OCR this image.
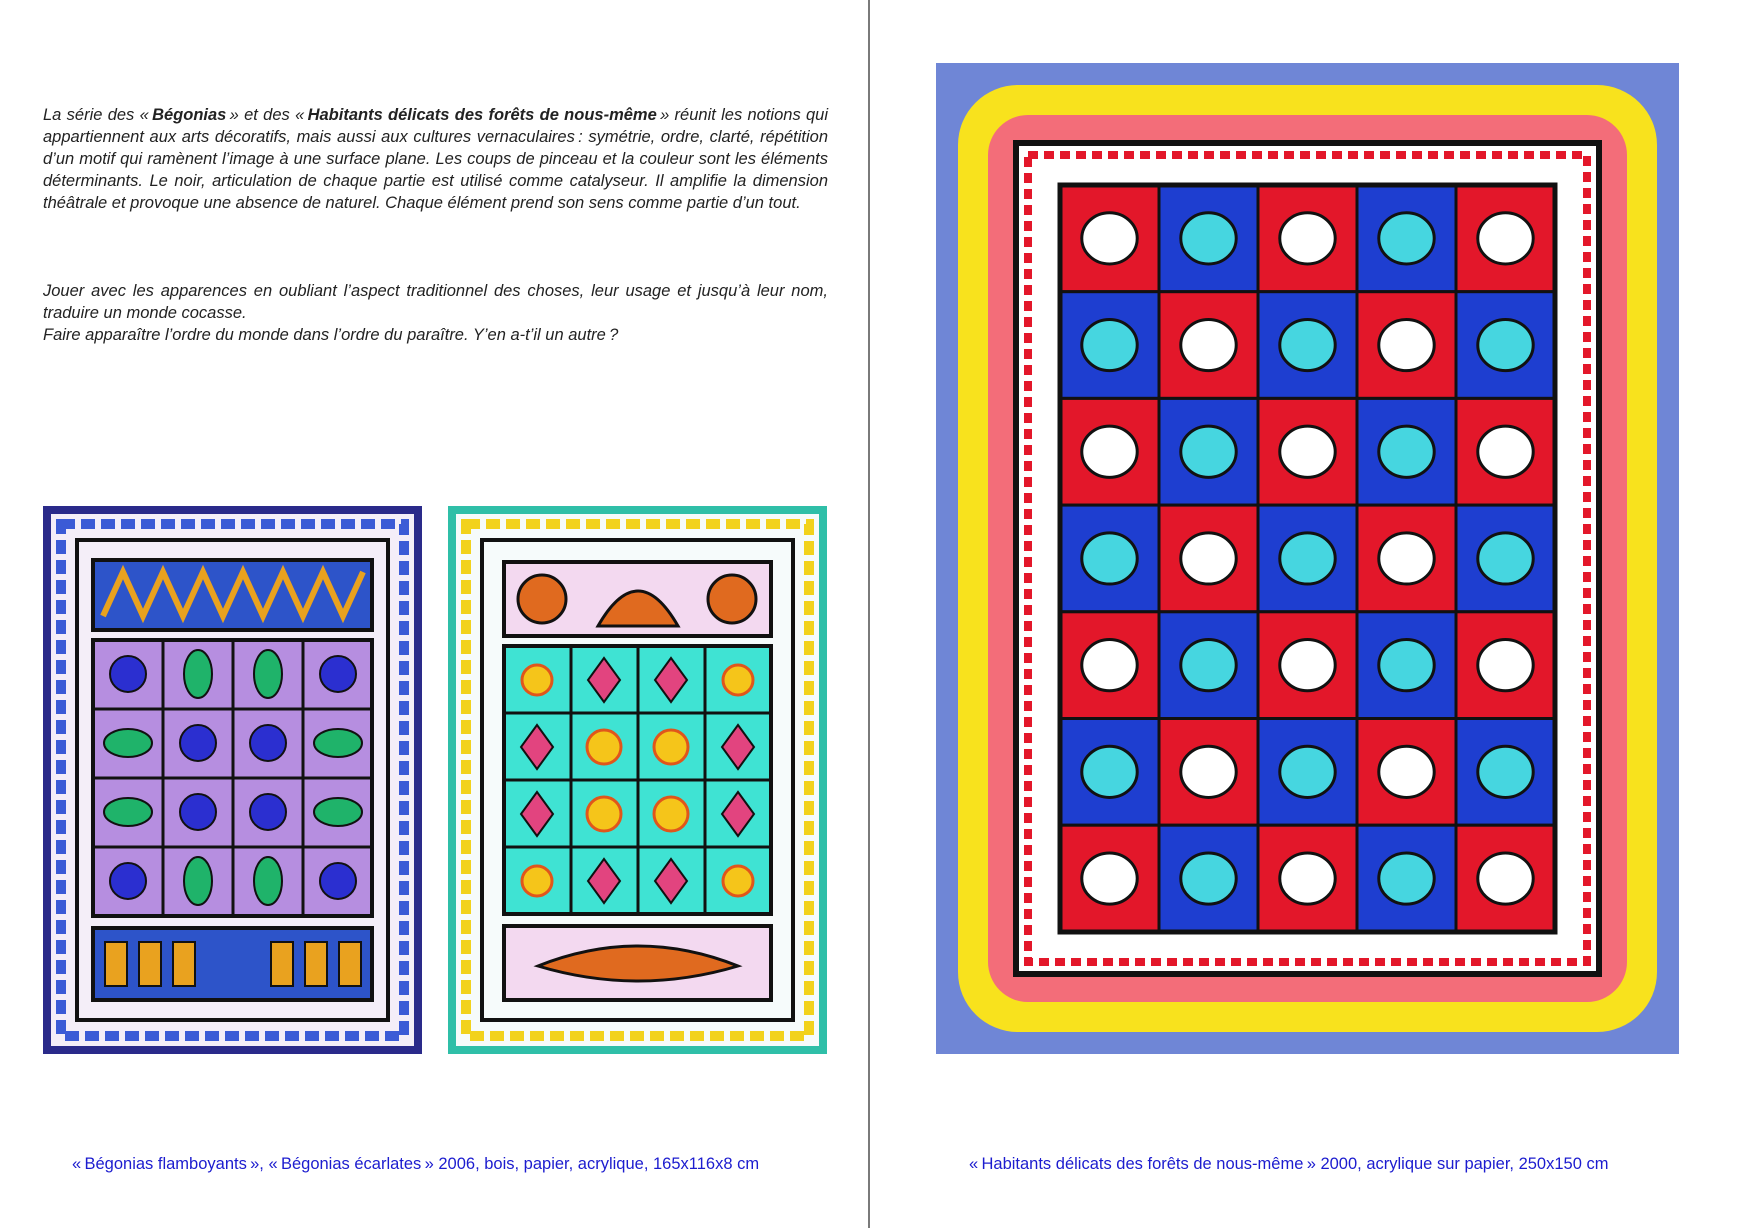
La série des « Bégonias » et des « Habitants délicats des forêts de nous-même » réunit les notions qui appartiennent aux arts décoratifs, mais aussi aux cultures vernaculaires : symétrie, ordre, clarté, répétition d’un motif qui ramènent l’image à une surface plane. Les coups de pinceau et la couleur sont les éléments déterminants. Le noir, articulation de chaque partie est utilisé comme catalyseur. Il amplifie la dimension théâtrale et provoque une absence de naturel. Chaque élément prend son sens comme partie d’un tout.

Jouer avec les apparences en oubliant l’aspect traditionnel des choses, leur usage et jusqu’à leur nom, traduire un monde cocasse.

Faire apparaître l’ordre du monde dans l’ordre du paraître. Y’en a-t’il un autre ?

« Bégonias flamboyants », « Bégonias écarlates » 2006, bois, papier, acrylique, 165x116x8 cm	« Habitants délicats des forêts de nous-même » 2000, acrylique sur papier, 250x150 cm
